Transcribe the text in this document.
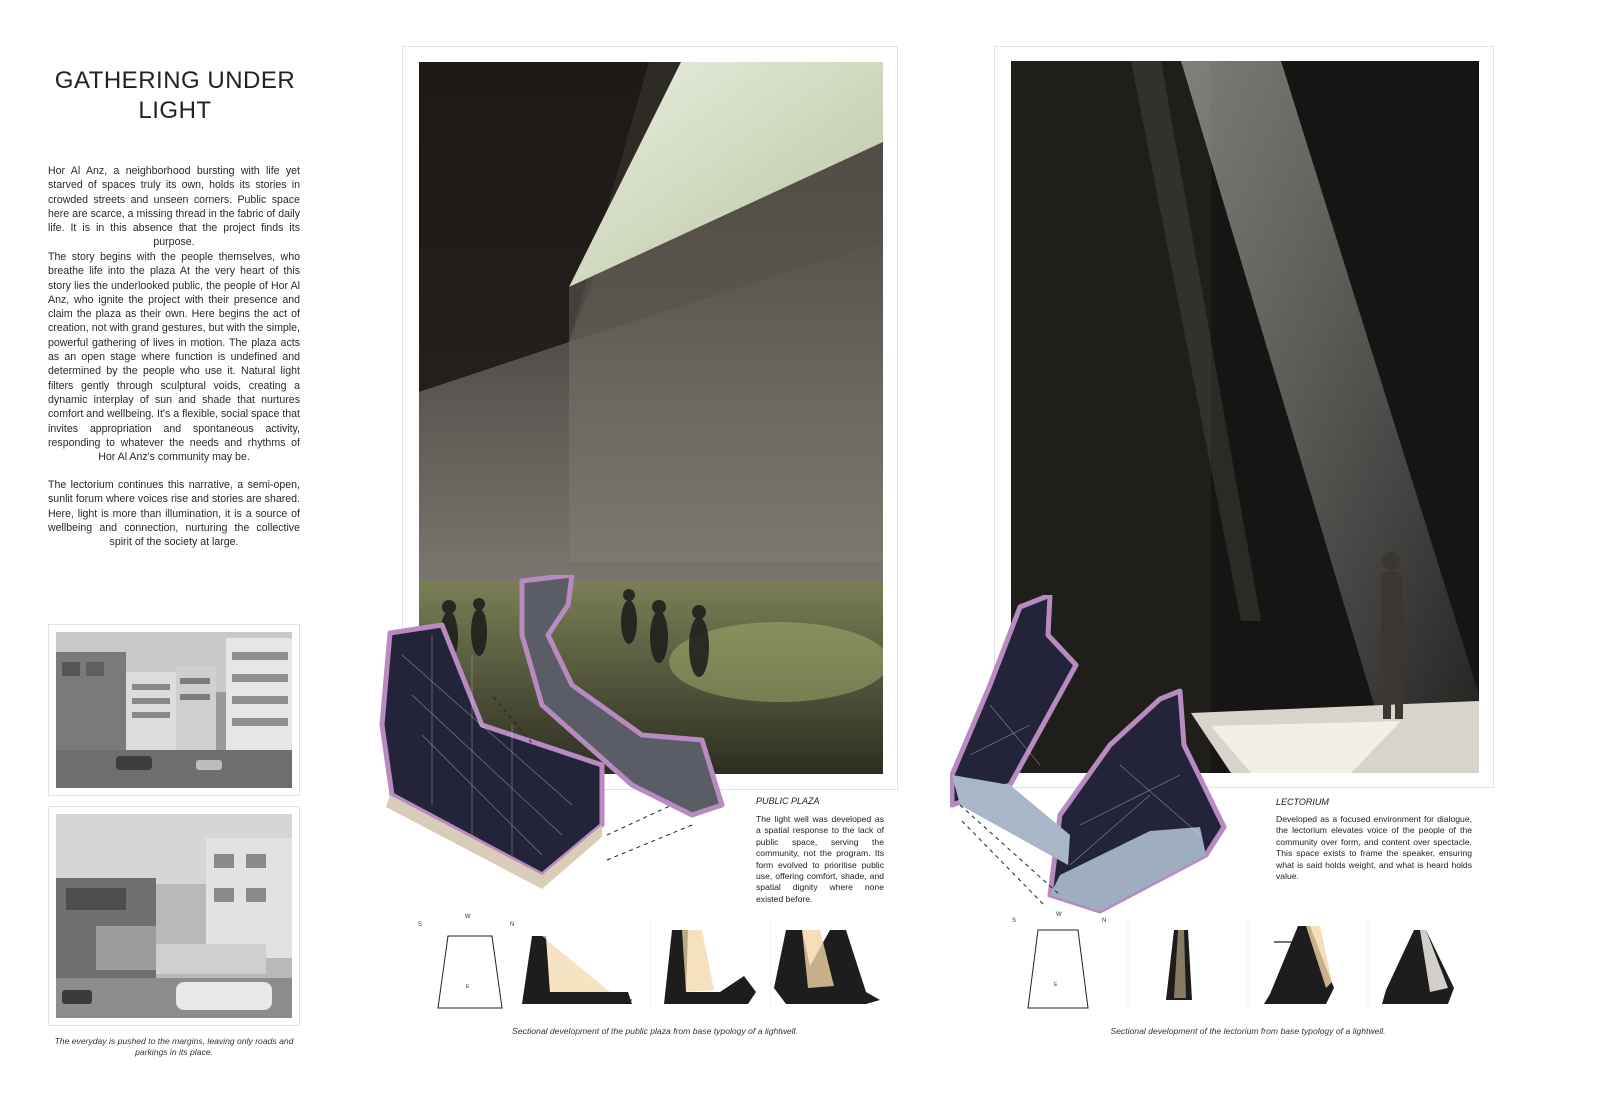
GATHERING UNDER LIGHT

Hor Al Anz, a neighborhood bursting with life yet starved of spaces truly its own, holds its stories in crowded streets and unseen corners. Public space here are scarce, a missing thread in the fabric of daily life. It is in this absence that the project finds its purpose.

The story begins with the people themselves, who breathe life into the plaza At the very heart of this story lies the underlooked public, the people of Hor Al Anz, who ignite the project with their presence and claim the plaza as their own. Here begins the act of creation, not with grand gestures, but with the simple, powerful gathering of lives in motion. The plaza acts as an open stage where function is undefined and determined by the people who use it. Natural light filters gently through sculptural voids, creating a dynamic interplay of sun and shade that nurtures comfort and wellbeing. It's a flexible, social space that invites appropriation and spontaneous activity, responding to whatever the needs and rhythms of Hor Al Anz's community may be.

The lectorium continues this narrative, a semi-open, sunlit forum where voices rise and stories are shared. Here, light is more than illumination, it is a source of wellbeing and connection, nurturing the collective spirit of the society at large.

The everyday is pushed to the margins, leaving only roads and parkings in its place.
PUBLIC PLAZA

The light well was developed as a spatial response to the lack of public space, serving the community, not the program. Its form evolved to prioritise public use, offering comfort, shade, and spatial dignity where none existed before.

S
W
N
E
Sectional development of the public plaza from base typology of a lightwell.
LECTORIUM

Developed as a focused environment for dialogue, the lectorium elevates voice of the people of the community over form, and content over spectacle. This space exists to frame the speaker, ensuring what is said holds weight, and what is heard holds value.

S
W
N
E
Sectional development of the lectorium from base typology of a lightwell.
